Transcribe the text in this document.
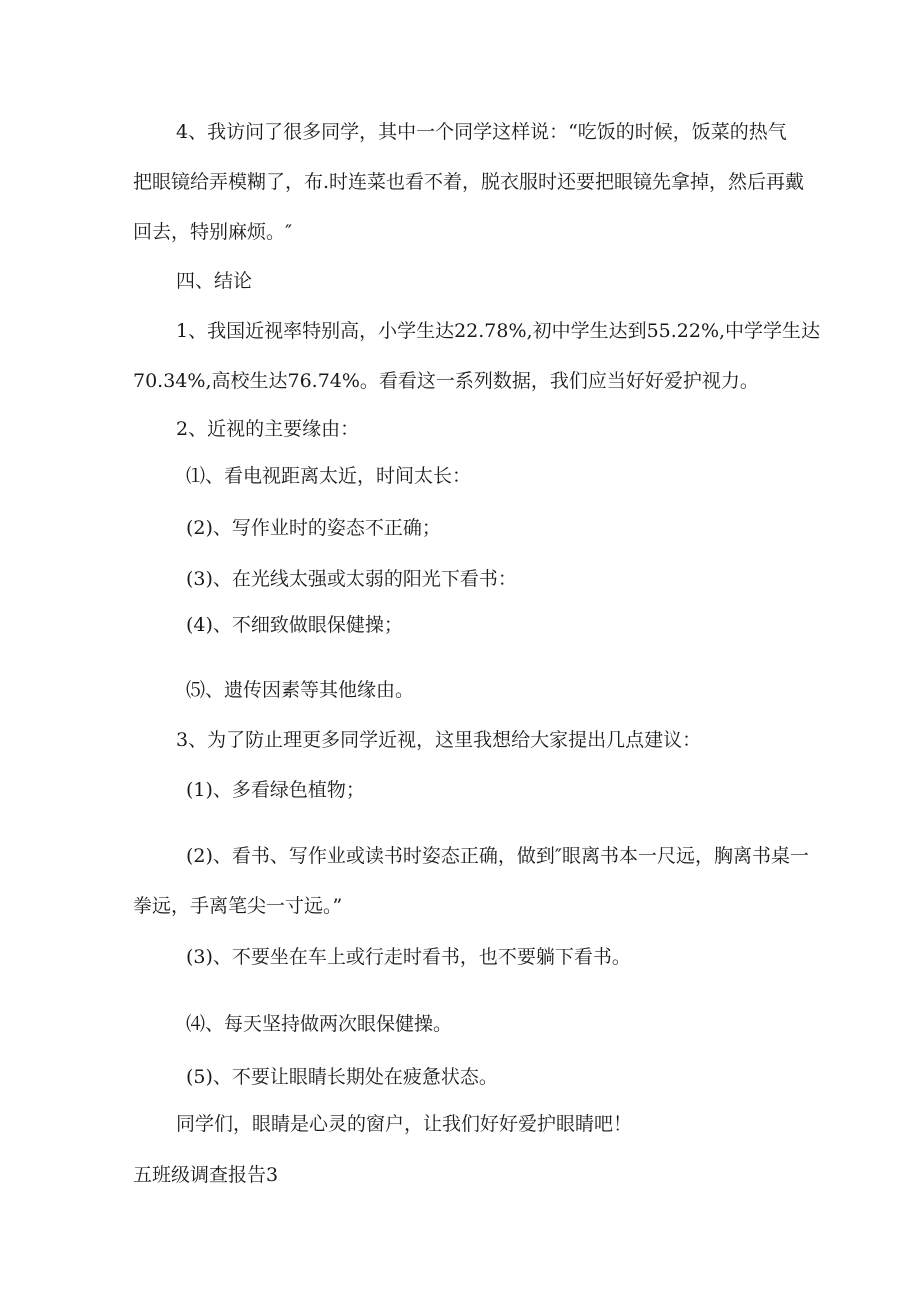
4、我访问了很多同学，其中一个同学这样说：“吃饭的时候，饭菜的热气
把眼镜给弄模糊了，布.时连菜也看不着，脱衣服时还要把眼镜先拿掉，然后再戴
回去，特别麻烦。″
四、结论
1、我国近视率特别高，小学生达22.78%,初中学生达到55.22%,中学学生达
70.34%,高校生达76.74%。看看这一系列数据，我们应当好好爱护视力。
2、近视的主要缘由：
⑴、看电视距离太近，时间太长：
(2)、写作业时的姿态不正确；
(3)、在光线太强或太弱的阳光下看书：
(4)、不细致做眼保健操；
⑸、遗传因素等其他缘由。
3、为了防止理更多同学近视，这里我想给大家提出几点建议：
(1)、多看绿色植物；
(2)、看书、写作业或读书时姿态正确，做到″眼离书本一尺远，胸离书桌一
拳远，手离笔尖一寸远。”
(3)、不要坐在车上或行走时看书，也不要躺下看书。
⑷、每天坚持做两次眼保健操。
(5)、不要让眼睛长期处在疲惫状态。
同学们，眼睛是心灵的窗户，让我们好好爱护眼睛吧！
五班级调查报告3
